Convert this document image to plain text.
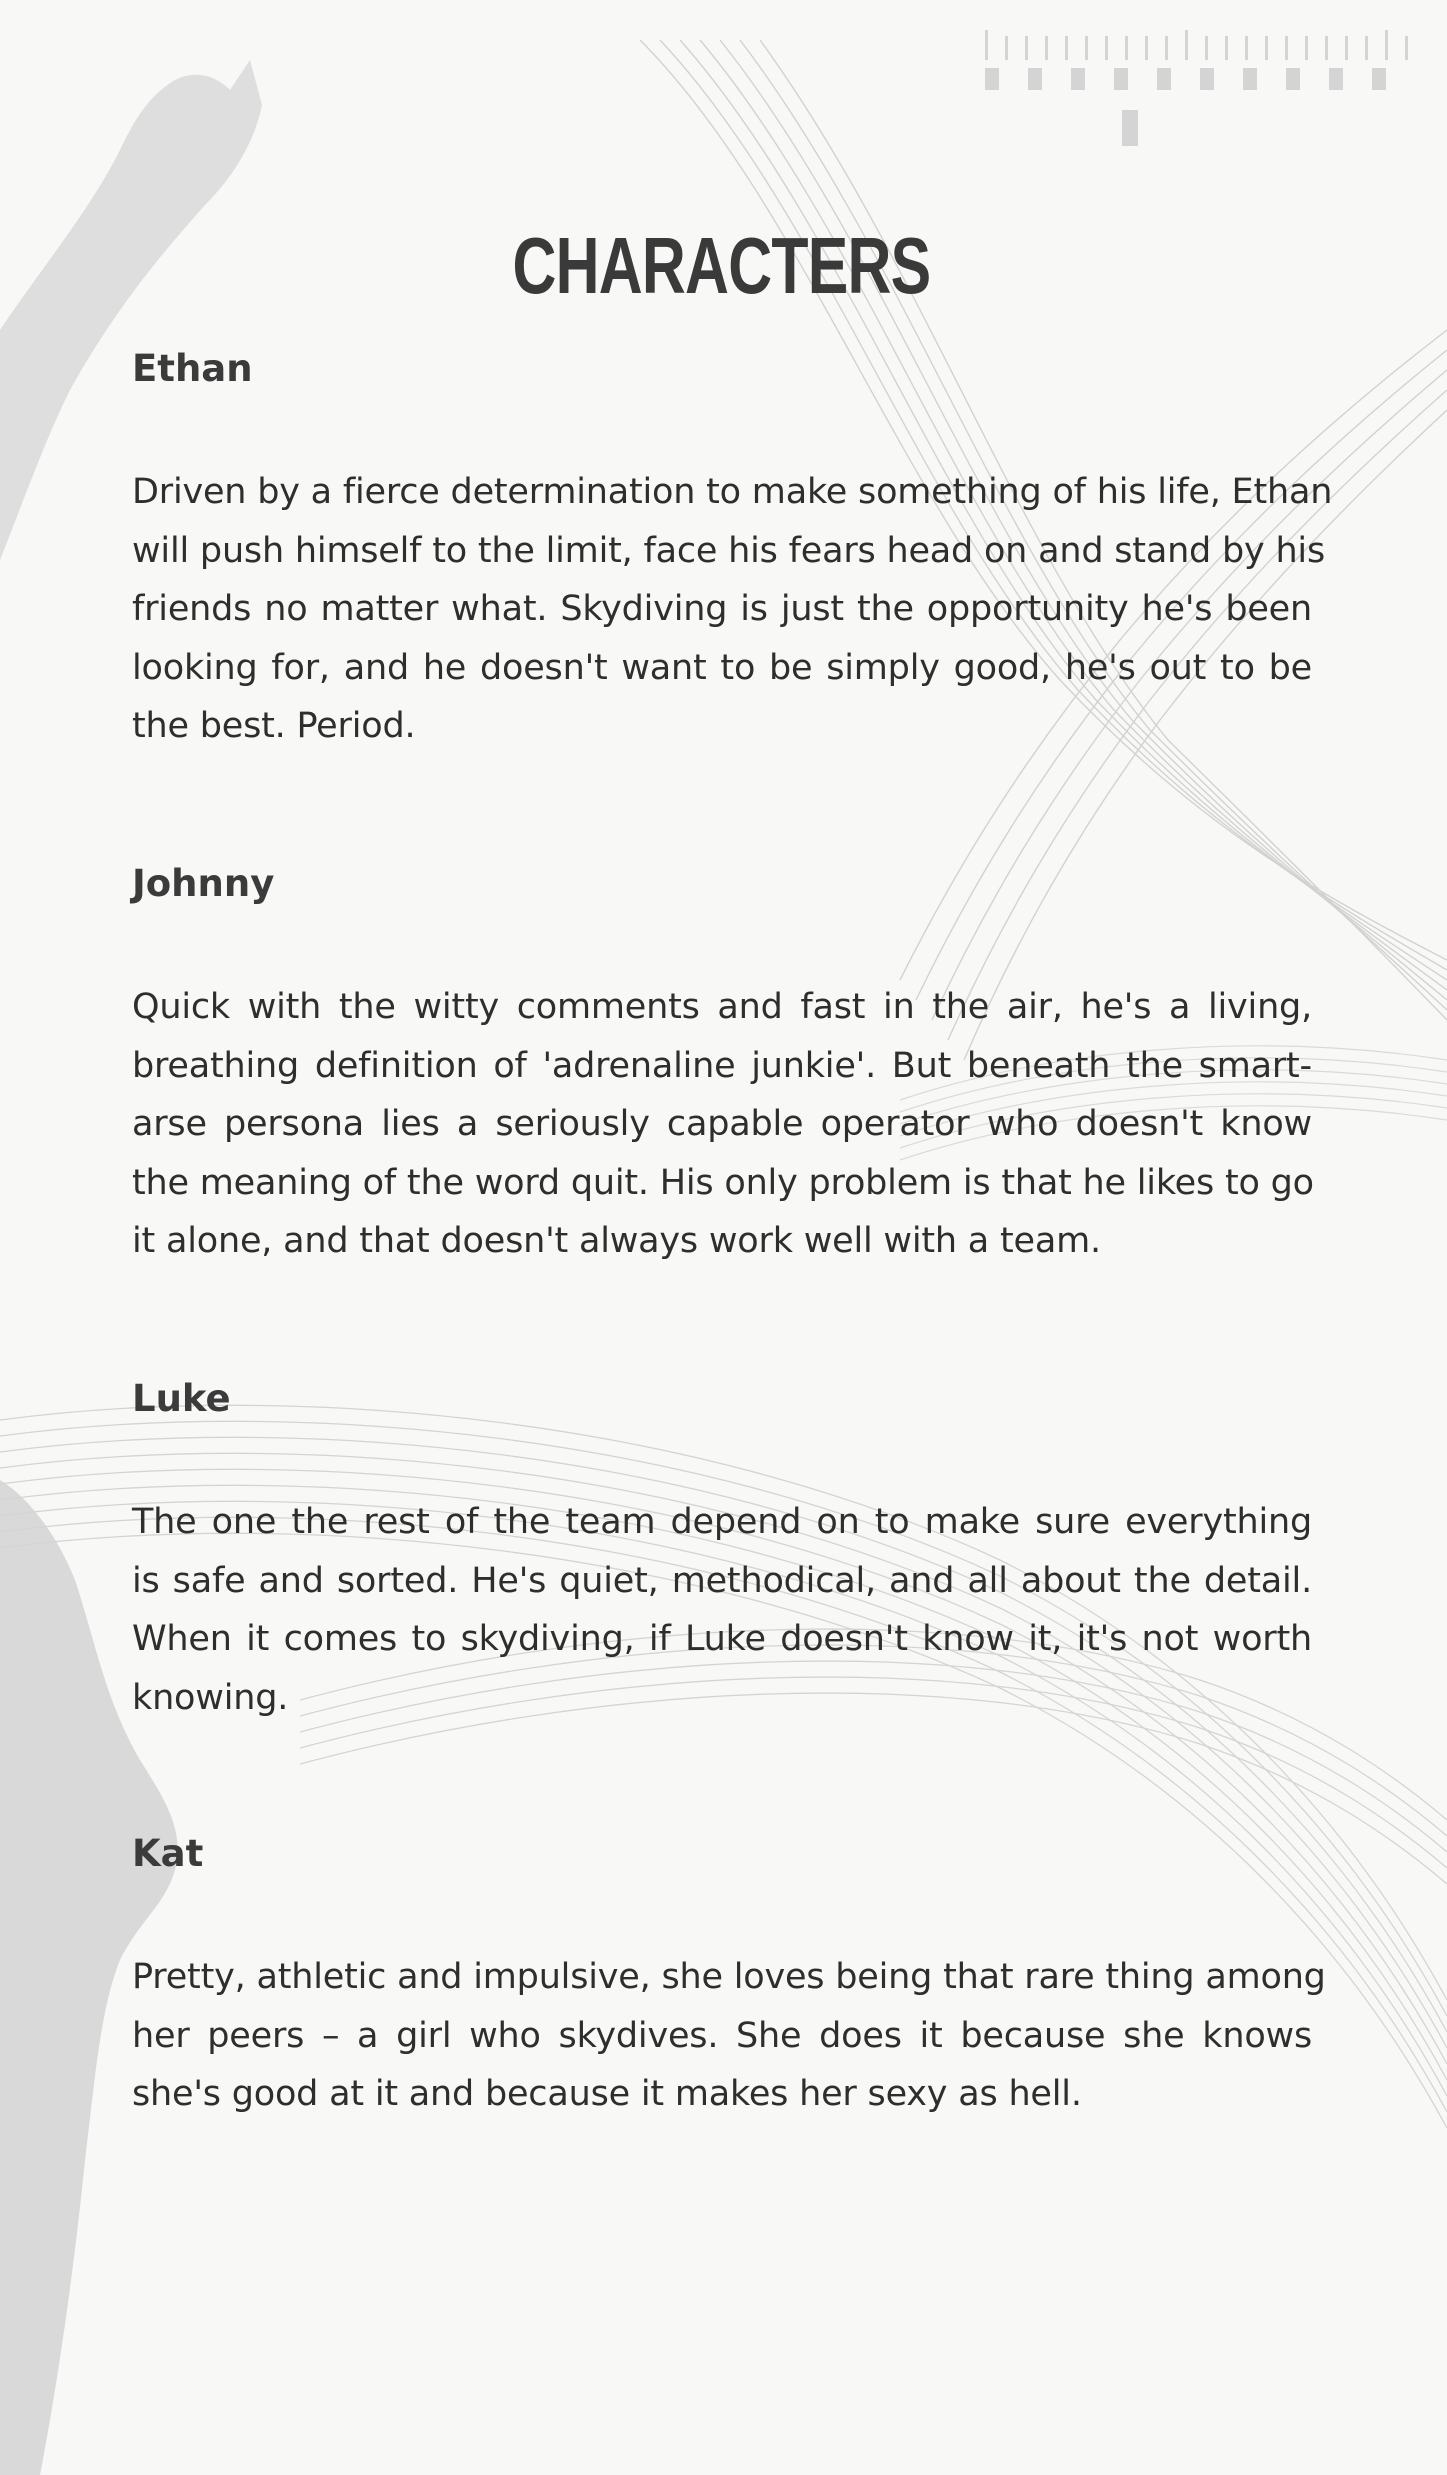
CHARACTERS
Ethan

Driven by a fierce determination to make something of his life, Ethan
will push himself to the limit, face his fears head on and stand by his
friends no matter what. Skydiving is just the opportunity he's been
looking for, and he doesn't want to be simply good, he's out to be
the best. Period.

Johnny

Quick with the witty comments and fast in the air, he's a living,
breathing definition of 'adrenaline junkie'. But beneath the smart-
arse persona lies a seriously capable operator who doesn't know
the meaning of the word quit. His only problem is that he likes to go
it alone, and that doesn't always work well with a team.

Luke

The one the rest of the team depend on to make sure everything
is safe and sorted. He's quiet, methodical, and all about the detail.
When it comes to skydiving, if Luke doesn't know it, it's not worth
knowing.

Kat

Pretty, athletic and impulsive, she loves being that rare thing among
her peers – a girl who skydives. She does it because she knows
she's good at it and because it makes her sexy as hell.
